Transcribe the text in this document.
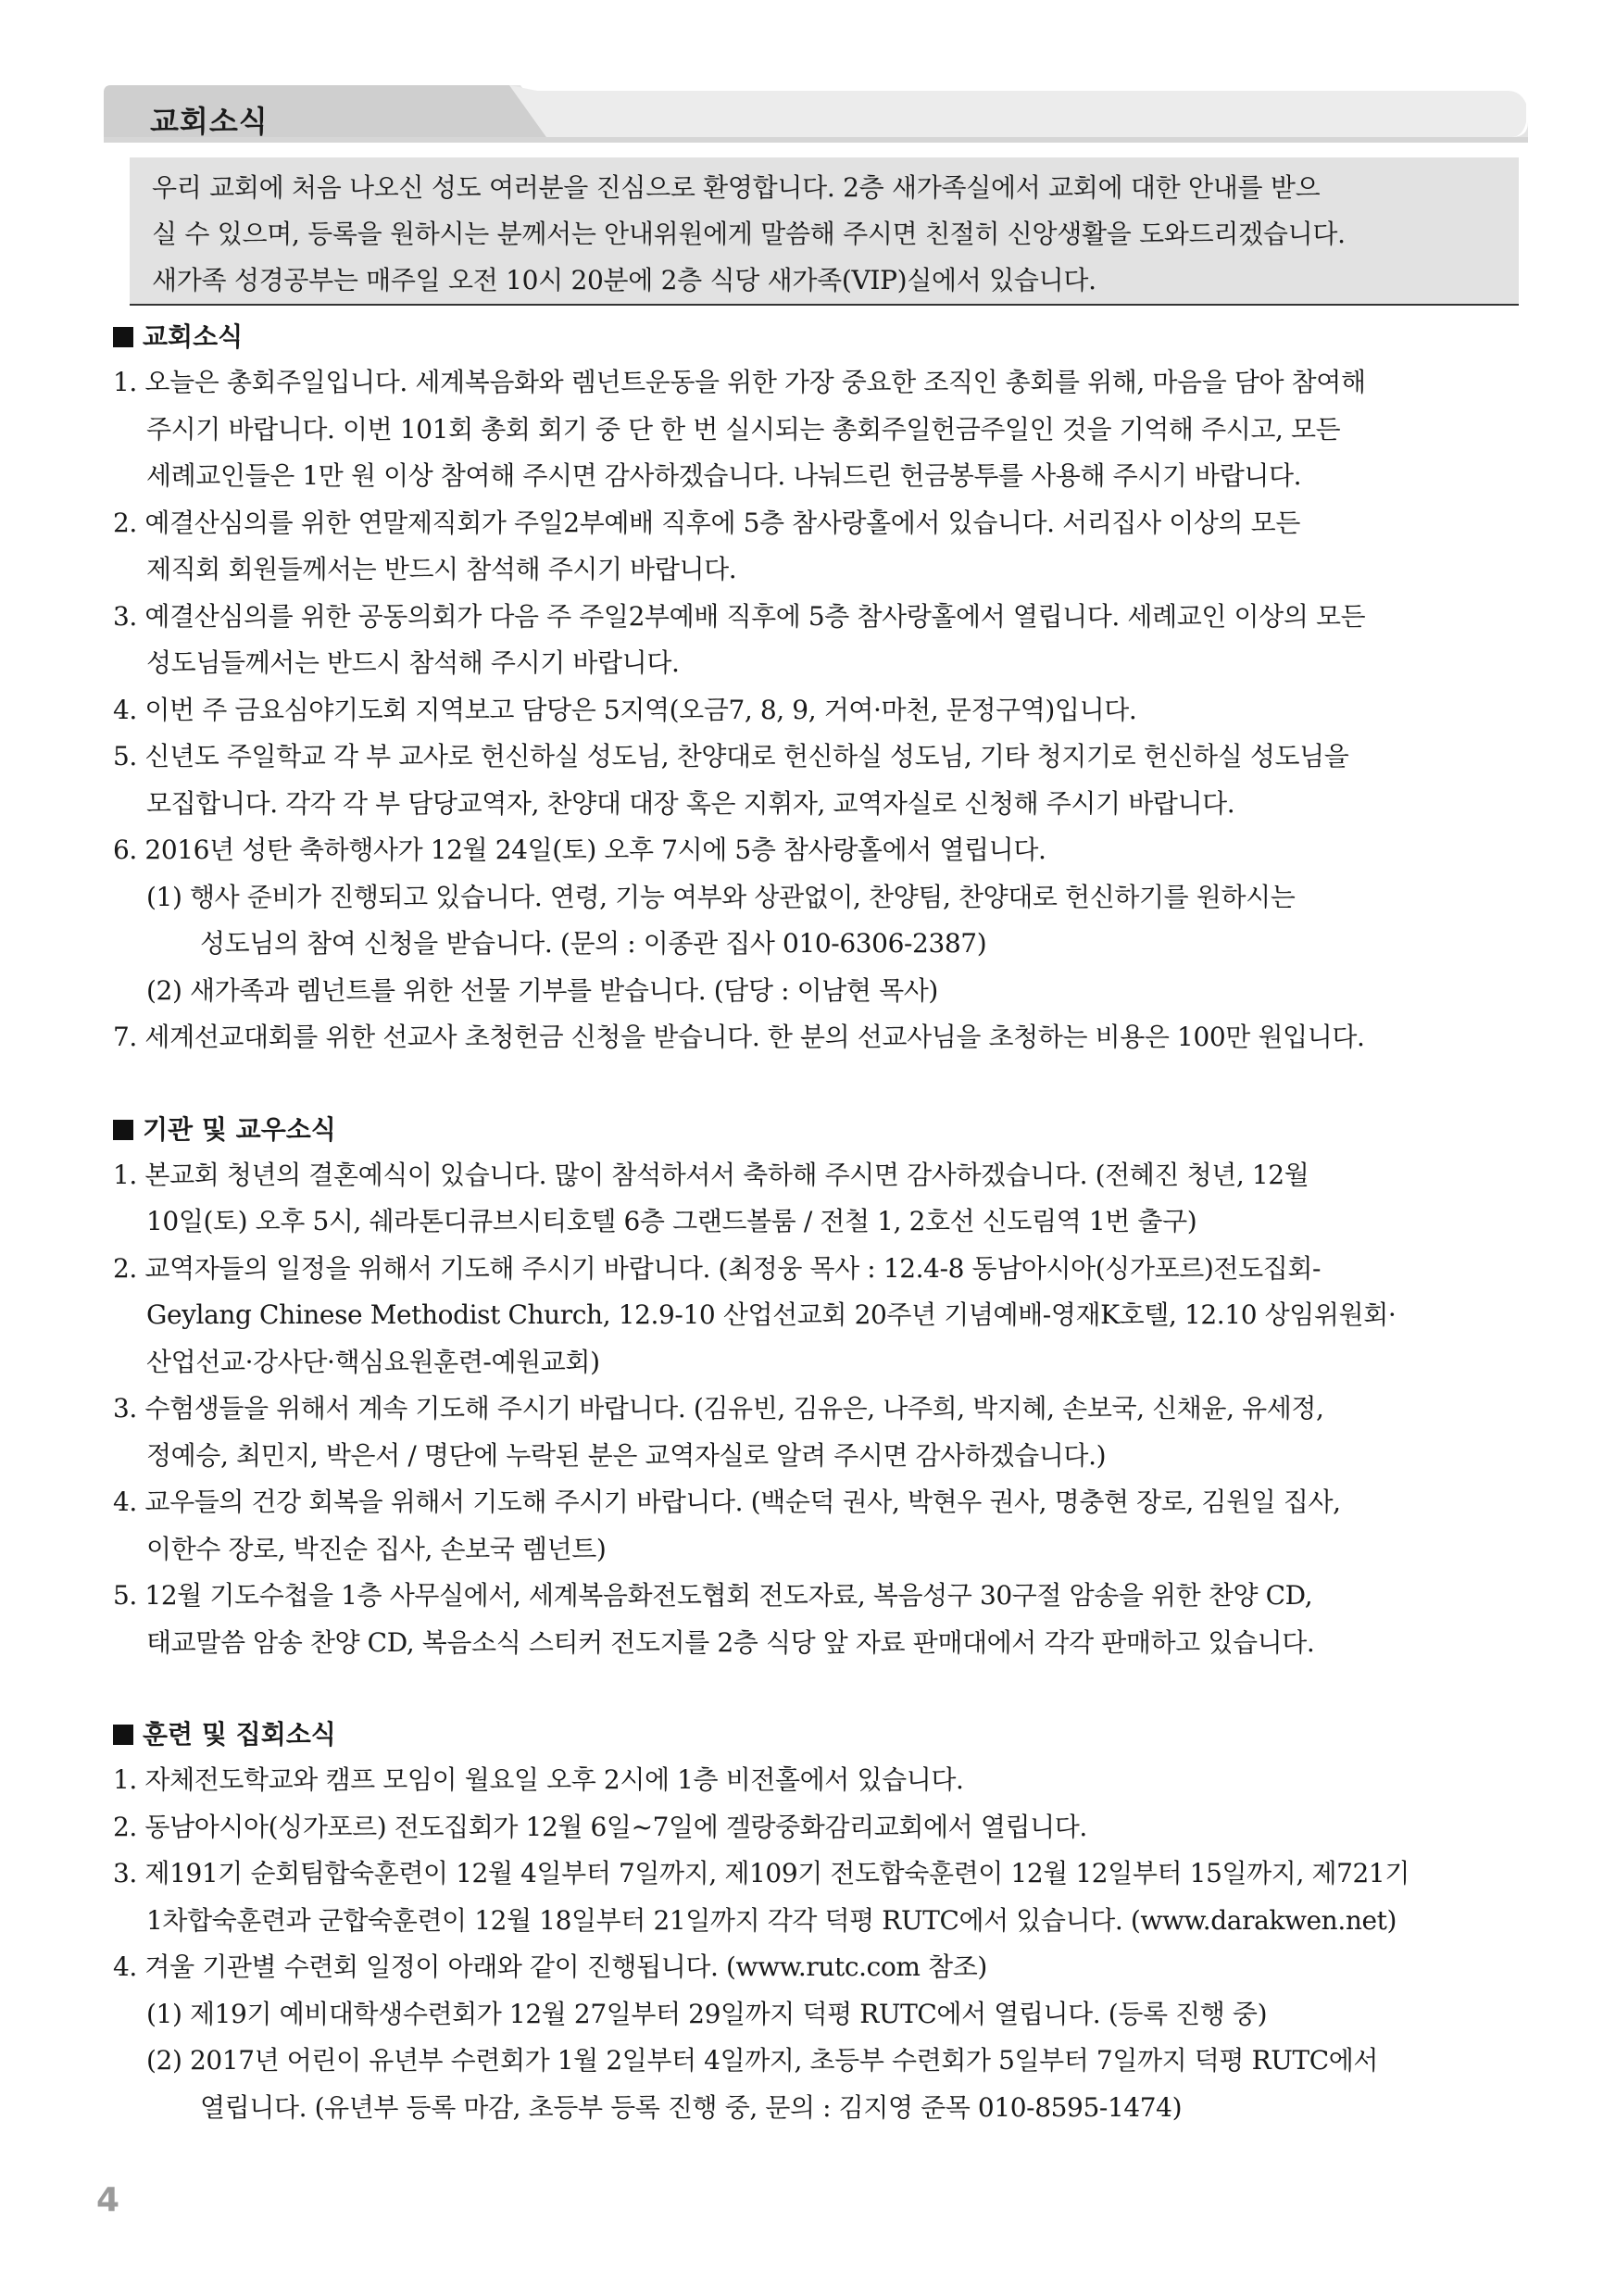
교회소식
우리 교회에 처음 나오신 성도 여러분을 진심으로 환영합니다. 2층 새가족실에서 교회에 대한 안내를 받으
실 수 있으며, 등록을 원하시는 분께서는 안내위원에게 말씀해 주시면 친절히 신앙생활을 도와드리겠습니다.
새가족 성경공부는 매주일 오전 10시 20분에 2층 식당 새가족(VIP)실에서 있습니다.
교회소식
1. 오늘은 총회주일입니다. 세계복음화와 렘넌트운동을 위한 가장 중요한 조직인 총회를 위해, 마음을 담아 참여해
주시기 바랍니다. 이번 101회 총회 회기 중 단 한 번 실시되는 총회주일헌금주일인 것을 기억해 주시고, 모든
세례교인들은 1만 원 이상 참여해 주시면 감사하겠습니다. 나눠드린 헌금봉투를 사용해 주시기 바랍니다.
2. 예결산심의를 위한 연말제직회가 주일2부예배 직후에 5층 참사랑홀에서 있습니다. 서리집사 이상의 모든
제직회 회원들께서는 반드시 참석해 주시기 바랍니다.
3. 예결산심의를 위한 공동의회가 다음 주 주일2부예배 직후에 5층 참사랑홀에서 열립니다. 세례교인 이상의 모든
성도님들께서는 반드시 참석해 주시기 바랍니다.
4. 이번 주 금요심야기도회 지역보고 담당은 5지역(오금7, 8, 9, 거여·마천, 문정구역)입니다.
5. 신년도 주일학교 각 부 교사로 헌신하실 성도님, 찬양대로 헌신하실 성도님, 기타 청지기로 헌신하실 성도님을
모집합니다. 각각 각 부 담당교역자, 찬양대 대장 혹은 지휘자, 교역자실로 신청해 주시기 바랍니다.
6. 2016년 성탄 축하행사가 12월 24일(토) 오후 7시에 5층 참사랑홀에서 열립니다.
(1) 행사 준비가 진행되고 있습니다. 연령, 기능 여부와 상관없이, 찬양팀, 찬양대로 헌신하기를 원하시는
성도님의 참여 신청을 받습니다. (문의 : 이종관 집사 010-6306-2387)
(2) 새가족과 렘넌트를 위한 선물 기부를 받습니다. (담당 : 이남현 목사)
7. 세계선교대회를 위한 선교사 초청헌금 신청을 받습니다. 한 분의 선교사님을 초청하는 비용은 100만 원입니다.
기관 및 교우소식
1. 본교회 청년의 결혼예식이 있습니다. 많이 참석하셔서 축하해 주시면 감사하겠습니다. (전혜진 청년, 12월
10일(토) 오후 5시, 쉐라톤디큐브시티호텔 6층 그랜드볼룸 / 전철 1, 2호선 신도림역 1번 출구)
2. 교역자들의 일정을 위해서 기도해 주시기 바랍니다. (최정웅 목사 : 12.4-8 동남아시아(싱가포르)전도집회-
Geylang Chinese Methodist Church, 12.9-10 산업선교회 20주년 기념예배-영재K호텔, 12.10 상임위원회·
산업선교·강사단·핵심요원훈련-예원교회)
3. 수험생들을 위해서 계속 기도해 주시기 바랍니다. (김유빈, 김유은, 나주희, 박지혜, 손보국, 신채윤, 유세정,
정예승, 최민지, 박은서 / 명단에 누락된 분은 교역자실로 알려 주시면 감사하겠습니다.)
4. 교우들의 건강 회복을 위해서 기도해 주시기 바랍니다. (백순덕 권사, 박현우 권사, 명충현 장로, 김원일 집사,
이한수 장로, 박진순 집사, 손보국 렘넌트)
5. 12월 기도수첩을 1층 사무실에서, 세계복음화전도협회 전도자료, 복음성구 30구절 암송을 위한 찬양 CD,
태교말씀 암송 찬양 CD, 복음소식 스티커 전도지를 2층 식당 앞 자료 판매대에서 각각 판매하고 있습니다.
훈련 및 집회소식
1. 자체전도학교와 캠프 모임이 월요일 오후 2시에 1층 비전홀에서 있습니다.
2. 동남아시아(싱가포르) 전도집회가 12월 6일~7일에 겔랑중화감리교회에서 열립니다.
3. 제191기 순회팀합숙훈련이 12월 4일부터 7일까지, 제109기 전도합숙훈련이 12월 12일부터 15일까지, 제721기
1차합숙훈련과 군합숙훈련이 12월 18일부터 21일까지 각각 덕평 RUTC에서 있습니다. (www.darakwen.net)
4. 겨울 기관별 수련회 일정이 아래와 같이 진행됩니다. (www.rutc.com 참조)
(1) 제19기 예비대학생수련회가 12월 27일부터 29일까지 덕평 RUTC에서 열립니다. (등록 진행 중)
(2) 2017년 어린이 유년부 수련회가 1월 2일부터 4일까지, 초등부 수련회가 5일부터 7일까지 덕평 RUTC에서
열립니다. (유년부 등록 마감, 초등부 등록 진행 중, 문의 : 김지영 준목 010-8595-1474)
4
